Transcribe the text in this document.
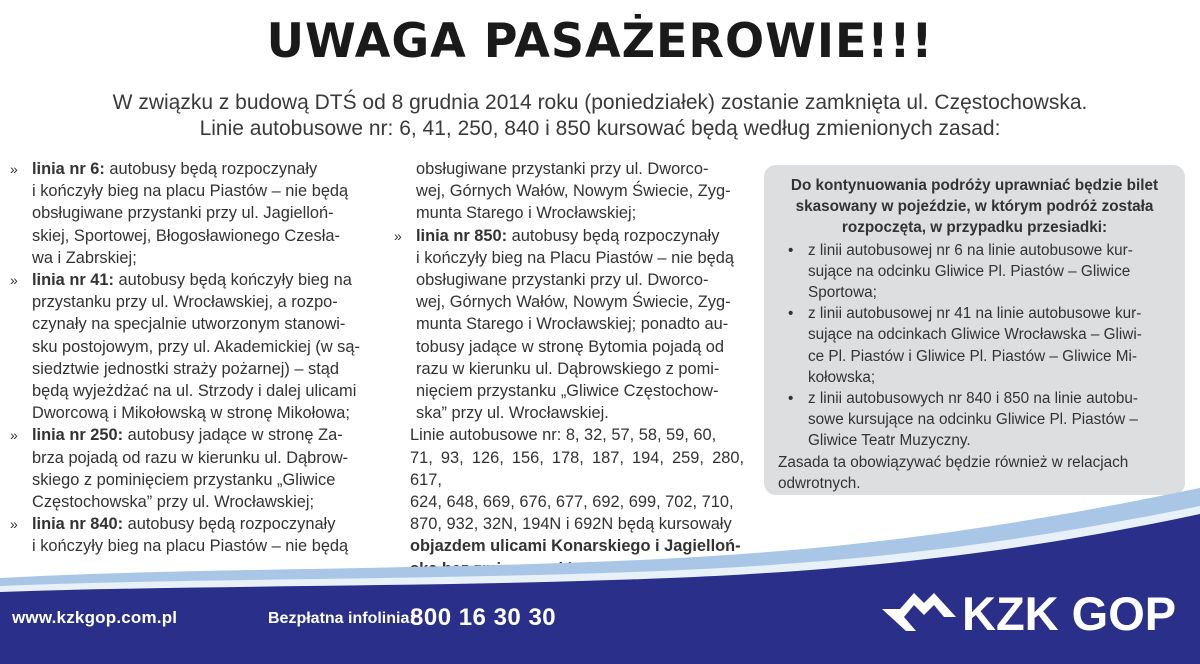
UWAGA PASAŻEROWIE!!!
W związku z budową DTŚ od 8 grudnia 2014 roku (poniedziałek) zostanie zamknięta ul. Częstochowska.
Linie autobusowe nr: 6, 41, 250, 840 i 850 kursować będą według zmienionych zasad:
» linia nr 6: autobusy będą rozpoczynały
i kończyły bieg na placu Piastów – nie będą
obsługiwane przystanki przy ul. Jagielloń-
skiej, Sportowej, Błogosławionego Czesła-
wa i Zabrskiej;
» linia nr 41: autobusy będą kończyły bieg na
przystanku przy ul. Wrocławskiej, a rozpo-
czynały na specjalnie utworzonym stanowi-
sku postojowym, przy ul. Akademickiej (w są-
siedztwie jednostki straży pożarnej) – stąd
będą wyjeżdżać na ul. Strzody i dalej ulicami
Dworcową i Mikołowską w stronę Mikołowa;
» linia nr 250: autobusy jadące w stronę Za-
brza pojadą od razu w kierunku ul. Dąbrow-
skiego z pominięciem przystanku „Gliwice
Częstochowska” przy ul. Wrocławskiej;
» linia nr 840: autobusy będą rozpoczynały
i kończyły bieg na placu Piastów – nie będą
obsługiwane przystanki przy ul. Dworco-
wej, Górnych Wałów, Nowym Świecie, Zyg-
munta Starego i Wrocławskiej;
» linia nr 850: autobusy będą rozpoczynały
i kończyły bieg na Placu Piastów – nie będą
obsługiwane przystanki przy ul. Dworco-
wej, Górnych Wałów, Nowym Świecie, Zyg-
munta Starego i Wrocławskiej; ponadto au-
tobusy jadące w stronę Bytomia pojadą od
razu w kierunku ul. Dąbrowskiego z pomi-
nięciem przystanku „Gliwice Częstochow-
ska” przy ul. Wrocławskiej.
Linie autobusowe nr: 8, 32, 57, 58, 59, 60,
71, 93, 126, 156, 178, 187, 194, 259, 280, 617,
624, 648, 669, 676, 677, 692, 699, 702, 710,
870, 932, 32N, 194N i 692N będą kursowały
objazdem ulicami Konarskiego i Jagielloń-

Do kontynuowania podróży uprawniać będzie bilet
skasowany w pojeździe, w którym podróż została
rozpoczęta, w przypadku przesiadki:
• z linii autobusowej nr 6 na linie autobusowe kur-
sujące na odcinku Gliwice Pl. Piastów – Gliwice
Sportowa;
• z linii autobusowej nr 41 na linie autobusowe kur-
sujące na odcinkach Gliwice Wrocławska – Gliwi-
ce Pl. Piastów i Gliwice Pl. Piastów – Gliwice Mi-
kołowska;
• z linii autobusowych nr 840 i 850 na linie autobu-
sowe kursujące na odcinku Gliwice Pl. Piastów –
Gliwice Teatr Muzyczny.
Zasada ta obowiązywać będzie również w relacjach
odwrotnych.
www.kzkgop.com.pl	Bezpłatna infolinia:
800 16 30 30	KZK GOP
